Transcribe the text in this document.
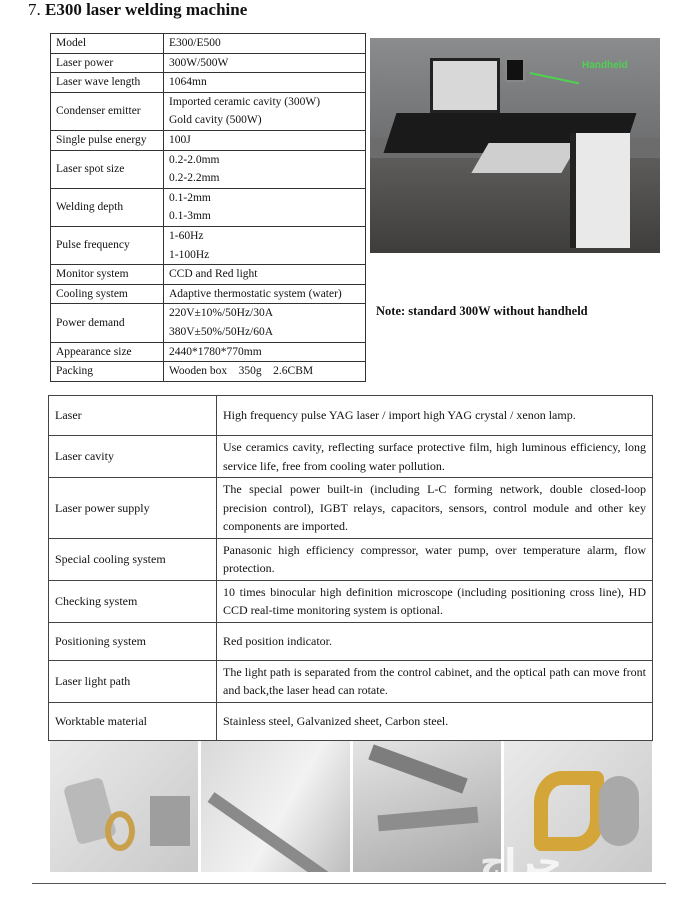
7. E300 laser welding machine
Model	E300/E500
Laser power	300W/500W
Laser wave length	1064mn
Condenser emitter	Imported ceramic cavity (300W)
Gold cavity (500W)

Single pulse energy	100J
Laser spot size	0.2-2.0mm
0.2-2.2mm

Welding depth	0.1-2mm
0.1-3mm

Pulse frequency	1-60Hz
1-100Hz

Monitor system	CCD and Red light
Cooling system	Adaptive thermostatic system (water)
Power demand	220V±10%/50Hz/30A
380V±50%/50Hz/60A

Appearance size	2440*1780*770mm
Packing	Wooden box    350g    2.6CBM
Handheld
Note: standard 300W without handheld
Laser	High frequency pulse YAG laser / import high YAG crystal / xenon lamp.
Laser cavity	Use ceramics cavity, reflecting surface protective film, high luminous efficiency, long service life, free from cooling water pollution.
Laser power supply	The special power built-in (including L-C forming network, double closed-loop precision control), IGBT relays, capacitors, sensors, control module and other key components are imported.
Special cooling system	Panasonic high efficiency compressor, water pump, over temperature alarm, flow protection.
Checking system	10 times binocular high definition microscope (including positioning cross line), HD CCD real-time monitoring system is optional.
Positioning system	Red position indicator.
Laser light path	The light path is separated from the control cabinet, and the optical path can move front and back,the laser head can rotate.
Worktable material	Stainless steel, Galvanized sheet, Carbon steel.
حراج
